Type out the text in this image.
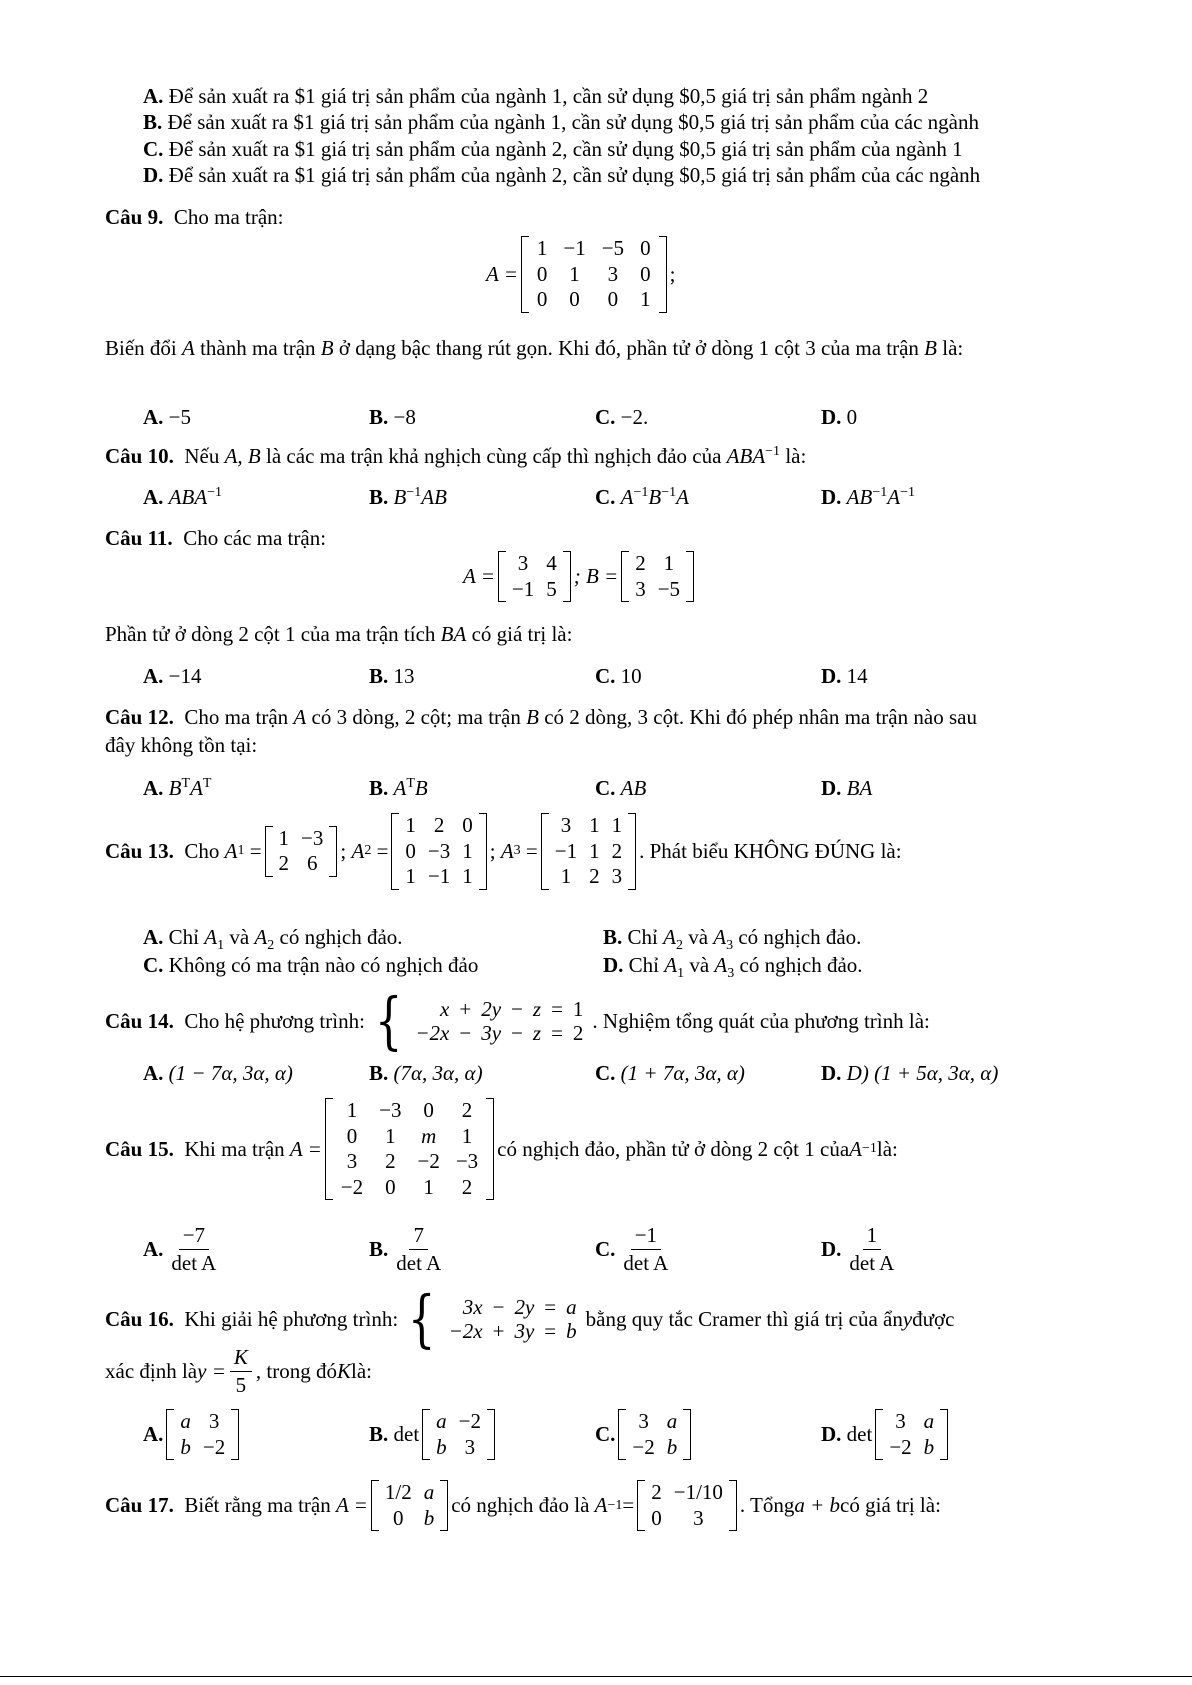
A. Để sản xuất ra $1 giá trị sản phẩm của ngành 1, cần sử dụng $0,5 giá trị sản phẩm ngành 2
B. Để sản xuất ra $1 giá trị sản phẩm của ngành 1, cần sử dụng $0,5 giá trị sản phẩm của các ngành
C. Để sản xuất ra $1 giá trị sản phẩm của ngành 2, cần sử dụng $0,5 giá trị sản phẩm của ngành 1
D. Để sản xuất ra $1 giá trị sản phẩm của ngành 2, cần sử dụng $0,5 giá trị sản phẩm của các ngành
Câu 9. Cho ma trận:
A =
1	−1	−5	0
0	1	3	0
0	0	0	1
;
Biến đổi A thành ma trận B ở dạng bậc thang rút gọn. Khi đó, phần tử ở dòng 1 cột 3 của ma trận B là:
A. −5	B. −8	C. −2.	D. 0
Câu 10. Nếu A, B là các ma trận khả nghịch cùng cấp thì nghịch đảo của $ABA^{-1}$ là:
A. $ABA^{-1}$	B. $B^{-1}AB$	C. $A^{-1}B^{-1}A$	D. $AB^{-1}A^{-1}$
Câu 11. Cho các ma trận:
A =
3	4
−1	5
; B =
2	1
3	−5
Phần tử ở dòng 2 cột 1 của ma trận tích BA có giá trị là:
A. −14	B. 13	C. 10	D. 14
Câu 12. Cho ma trận A có 3 dòng, 2 cột; ma trận B có 2 dòng, 3 cột. Khi đó phép nhân ma trận nào sau
đây không tồn tại:
A. $B^TA^T$	B. $A^TB$	C. AB	D. BA
Câu 13.
Cho
A 1 =
1	−3
2	6
; A 2 =
1	2	0
0	−3	1
1	−1	1
; A 3 =
3	1	1
−1	1	2
1	2	3
. Phát biểu KHÔNG ĐÚNG là:
A. Chỉ $A_1$ và $A_2$ có nghịch đảo.	B. Chỉ $A_2$ và $A_3$ có nghịch đảo.
C. Không có ma trận nào có nghịch đảo	D. Chỉ $A_1$ và $A_3$ có nghịch đảo.
Câu 14.
Cho hệ phương trình: { x	+	2y	−	z	=	1
−2x	−	3y	−	z	=	2
. Nghiệm tổng quát của phương trình là:
A. (1 − 7α, 3α, α)	B. (7α, 3α, α)	C. (1 + 7α, 3α, α)	D. D) (1 + 5α, 3α, α)
Câu 15.
Khi ma trận
A =
1	−3	0	2
0	1	m	1
3	2	−2	−3
−2	0	1	2
có nghịch đảo, phần tử ở dòng 2 cột 1 của A −1 là:
A. $\frac{-7}{\text{det A}}$	B. $\frac{7}{\text{det A}}$	C. $\frac{-1}{\text{det A}}$	D. $\frac{1}{\text{det A}}$
Câu 16.
Khi giải hệ phương trình: { 3x	−	2y	=	a
−2x	+	3y	=	b
bằng quy tắc Cramer thì giá trị của ẩn y được
xác định là $y = \frac{K}{5}$ , trong đó K là:
A.
a	3
b	−2
B.
det
a	−2
b	3
C.
3	a
−2	b
D.
det
3	a
−2	b
Câu 17.
Biết rằng ma trận
A =
1/2	a
0	b
có nghịch đảo là
A −1 =
2	−1/10
0	3
. Tổng a + b có giá trị là:
